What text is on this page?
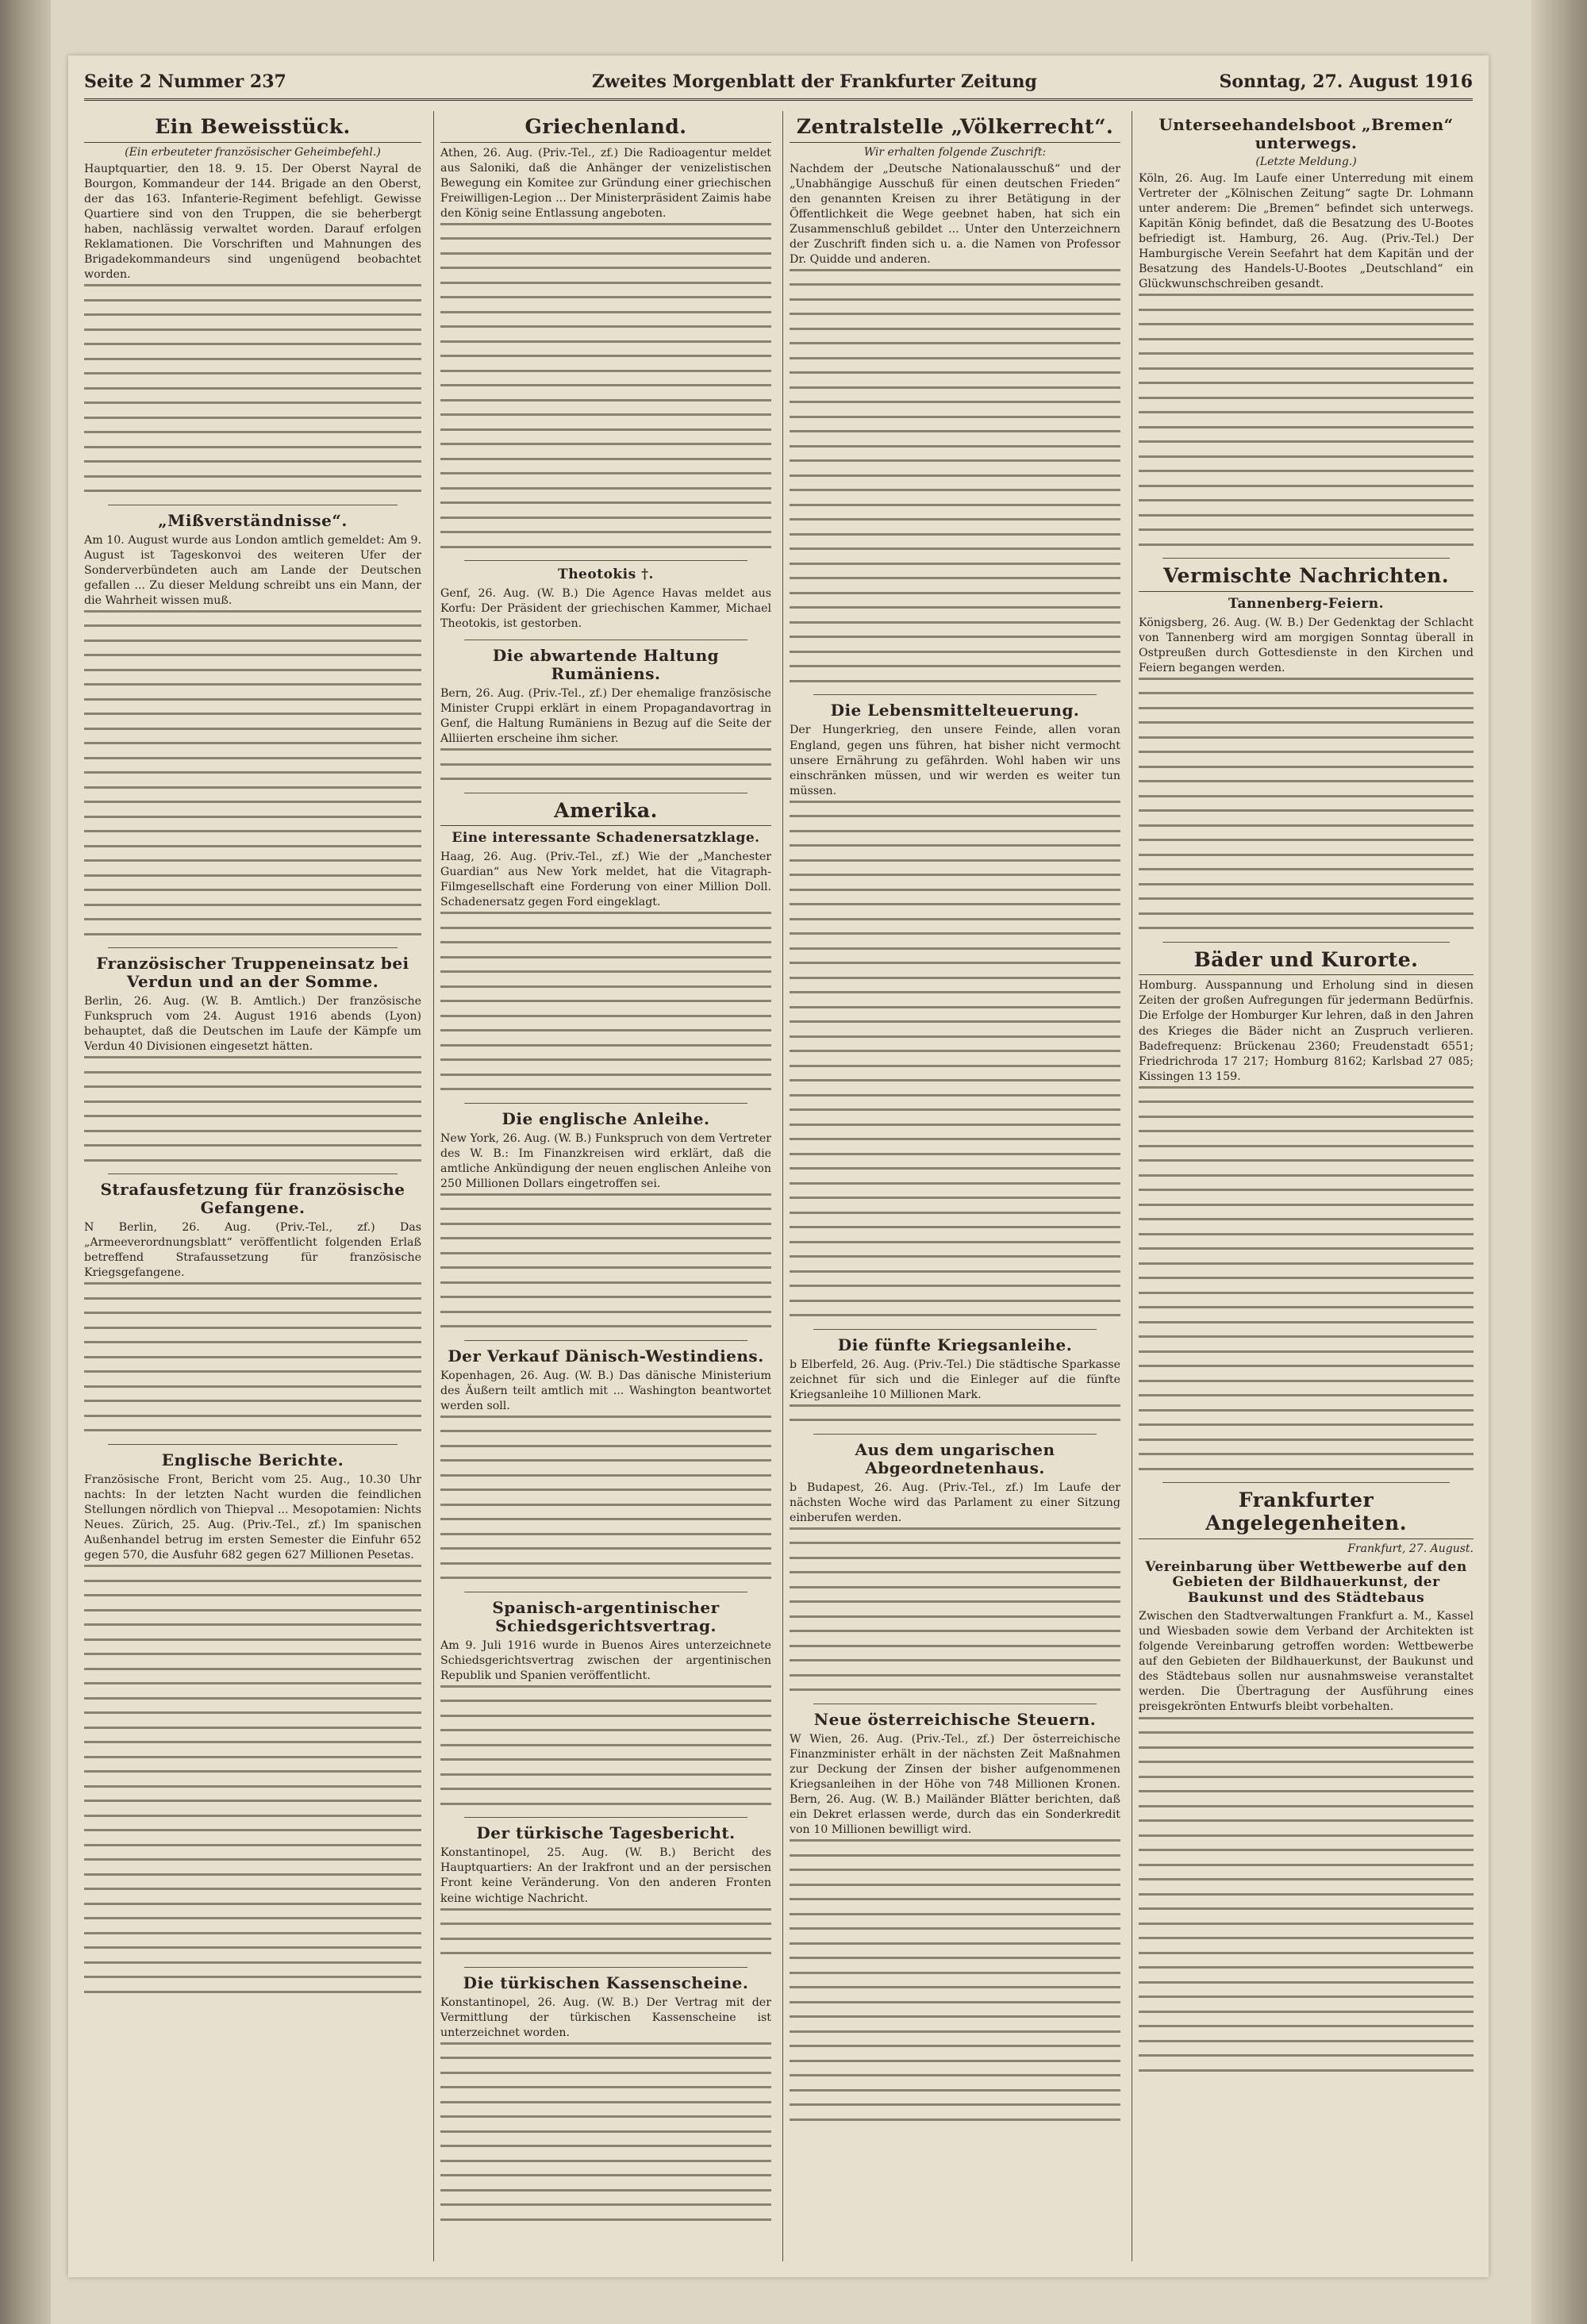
Seite 2 Nummer 237	Zweites Morgenblatt der Frankfurter Zeitung	Sonntag, 27. August 1916
Ein Beweisstück.

(Ein erbeuteter französischer Geheimbefehl.)

Hauptquartier, den 18. 9. 15. Der Oberst Nayral de Bourgon, Kommandeur der 144. Brigade an den Oberst, der das 163. Infanterie-Regiment befehligt. Gewisse Quartiere sind von den Truppen, die sie beherbergt haben, nachlässig verwaltet worden. Darauf erfolgen Reklamationen. Die Vorschriften und Mahnungen des Brigadekommandeurs sind ungenügend beobachtet worden.

„Mißverständnisse“.

Am 10. August wurde aus London amtlich gemeldet: Am 9. August ist Tageskonvoi des weiteren Ufer der Sonderverbündeten auch am Lande der Deutschen gefallen ... Zu dieser Meldung schreibt uns ein Mann, der die Wahrheit wissen muß.

Französischer Truppeneinsatz bei Verdun und an der Somme.

Berlin, 26. Aug. (W. B. Amtlich.) Der französische Funkspruch vom 24. August 1916 abends (Lyon) behauptet, daß die Deutschen im Laufe der Kämpfe um Verdun 40 Divisionen eingesetzt hätten.

Strafausfetzung für französische Gefangene.

N Berlin, 26. Aug. (Priv.-Tel., zf.) Das „Armeeverordnungsblatt“ veröffentlicht folgenden Erlaß betreffend Strafaussetzung für französische Kriegsgefangene.

Englische Berichte.

Französische Front, Bericht vom 25. Aug., 10.30 Uhr nachts: In der letzten Nacht wurden die feindlichen Stellungen nördlich von Thiepval ... Mesopotamien: Nichts Neues. Zürich, 25. Aug. (Priv.-Tel., zf.) Im spanischen Außenhandel betrug im ersten Semester die Einfuhr 652 gegen 570, die Ausfuhr 682 gegen 627 Millionen Pesetas.

Griechenland.

Athen, 26. Aug. (Priv.-Tel., zf.) Die Radioagentur meldet aus Saloniki, daß die Anhänger der venizelistischen Bewegung ein Komitee zur Gründung einer griechischen Freiwilligen-Legion ... Der Ministerpräsident Zaimis habe den König seine Entlassung angeboten.

Theotokis †.

Genf, 26. Aug. (W. B.) Die Agence Havas meldet aus Korfu: Der Präsident der griechischen Kammer, Michael Theotokis, ist gestorben.

Die abwartende Haltung Rumäniens.

Bern, 26. Aug. (Priv.-Tel., zf.) Der ehemalige französische Minister Cruppi erklärt in einem Propagandavortrag in Genf, die Haltung Rumäniens in Bezug auf die Seite der Alliierten erscheine ihm sicher.

Amerika.
Eine interessante Schadenersatzklage.

Haag, 26. Aug. (Priv.-Tel., zf.) Wie der „Manchester Guardian“ aus New York meldet, hat die Vitagraph-Filmgesellschaft eine Forderung von einer Million Doll. Schadenersatz gegen Ford eingeklagt.

Die englische Anleihe.

New York, 26. Aug. (W. B.) Funkspruch von dem Vertreter des W. B.: Im Finanzkreisen wird erklärt, daß die amtliche Ankündigung der neuen englischen Anleihe von 250 Millionen Dollars eingetroffen sei.

Der Verkauf Dänisch-Westindiens.

Kopenhagen, 26. Aug. (W. B.) Das dänische Ministerium des Äußern teilt amtlich mit ... Washington beantwortet werden soll.

Spanisch-argentinischer Schiedsgerichtsvertrag.

Am 9. Juli 1916 wurde in Buenos Aires unterzeichnete Schiedsgerichtsvertrag zwischen der argentinischen Republik und Spanien veröffentlicht.

Der türkische Tagesbericht.

Konstantinopel, 25. Aug. (W. B.) Bericht des Hauptquartiers: An der Irakfront und an der persischen Front keine Veränderung. Von den anderen Fronten keine wichtige Nachricht.

Die türkischen Kassenscheine.

Konstantinopel, 26. Aug. (W. B.) Der Vertrag mit der Vermittlung der türkischen Kassenscheine ist unterzeichnet worden.

Zentralstelle „Völkerrecht“.

Wir erhalten folgende Zuschrift:

Nachdem der „Deutsche Nationalausschuß“ und der „Unabhängige Ausschuß für einen deutschen Frieden“ den genannten Kreisen zu ihrer Betätigung in der Öffentlichkeit die Wege geebnet haben, hat sich ein Zusammenschluß gebildet ... Unter den Unterzeichnern der Zuschrift finden sich u. a. die Namen von Professor Dr. Quidde und anderen.

Die Lebensmittelteuerung.

Der Hungerkrieg, den unsere Feinde, allen voran England, gegen uns führen, hat bisher nicht vermocht unsere Ernährung zu gefährden. Wohl haben wir uns einschränken müssen, und wir werden es weiter tun müssen.

Die fünfte Kriegsanleihe.

b Elberfeld, 26. Aug. (Priv.-Tel.) Die städtische Sparkasse zeichnet für sich und die Einleger auf die fünfte Kriegsanleihe 10 Millionen Mark.

Aus dem ungarischen Abgeordnetenhaus.

b Budapest, 26. Aug. (Priv.-Tel., zf.) Im Laufe der nächsten Woche wird das Parlament zu einer Sitzung einberufen werden.

Neue österreichische Steuern.

W Wien, 26. Aug. (Priv.-Tel., zf.) Der österreichische Finanzminister erhält in der nächsten Zeit Maßnahmen zur Deckung der Zinsen der bisher aufgenommenen Kriegsanleihen in der Höhe von 748 Millionen Kronen. Bern, 26. Aug. (W. B.) Mailänder Blätter berichten, daß ein Dekret erlassen werde, durch das ein Sonderkredit von 10 Millionen bewilligt wird.

Unterseehandelsboot „Bremen“ unterwegs.

(Letzte Meldung.)

Köln, 26. Aug. Im Laufe einer Unterredung mit einem Vertreter der „Kölnischen Zeitung“ sagte Dr. Lohmann unter anderem: Die „Bremen“ befindet sich unterwegs. Kapitän König befindet, daß die Besatzung des U-Bootes befriedigt ist. Hamburg, 26. Aug. (Priv.-Tel.) Der Hamburgische Verein Seefahrt hat dem Kapitän und der Besatzung des Handels-U-Bootes „Deutschland“ ein Glückwunschschreiben gesandt.

Vermischte Nachrichten.
Tannenberg-Feiern.

Königsberg, 26. Aug. (W. B.) Der Gedenktag der Schlacht von Tannenberg wird am morgigen Sonntag überall in Ostpreußen durch Gottesdienste in den Kirchen und Feiern begangen werden.

Bäder und Kurorte.

Homburg. Ausspannung und Erholung sind in diesen Zeiten der großen Aufregungen für jedermann Bedürfnis. Die Erfolge der Homburger Kur lehren, daß in den Jahren des Krieges die Bäder nicht an Zuspruch verlieren. Badefrequenz: Brückenau 2360; Freudenstadt 6551; Friedrichroda 17 217; Homburg 8162; Karlsbad 27 085; Kissingen 13 159.

Frankfurter Angelegenheiten.

Frankfurt, 27. August.

Vereinbarung über Wettbewerbe auf den Gebieten der Bildhauerkunst, der Baukunst und des Städtebaus

Zwischen den Stadtverwaltungen Frankfurt a. M., Kassel und Wiesbaden sowie dem Verband der Architekten ist folgende Vereinbarung getroffen worden: Wettbewerbe auf den Gebieten der Bildhauerkunst, der Baukunst und des Städtebaus sollen nur ausnahmsweise veranstaltet werden. Die Übertragung der Ausführung eines preisgekrönten Entwurfs bleibt vorbehalten.
